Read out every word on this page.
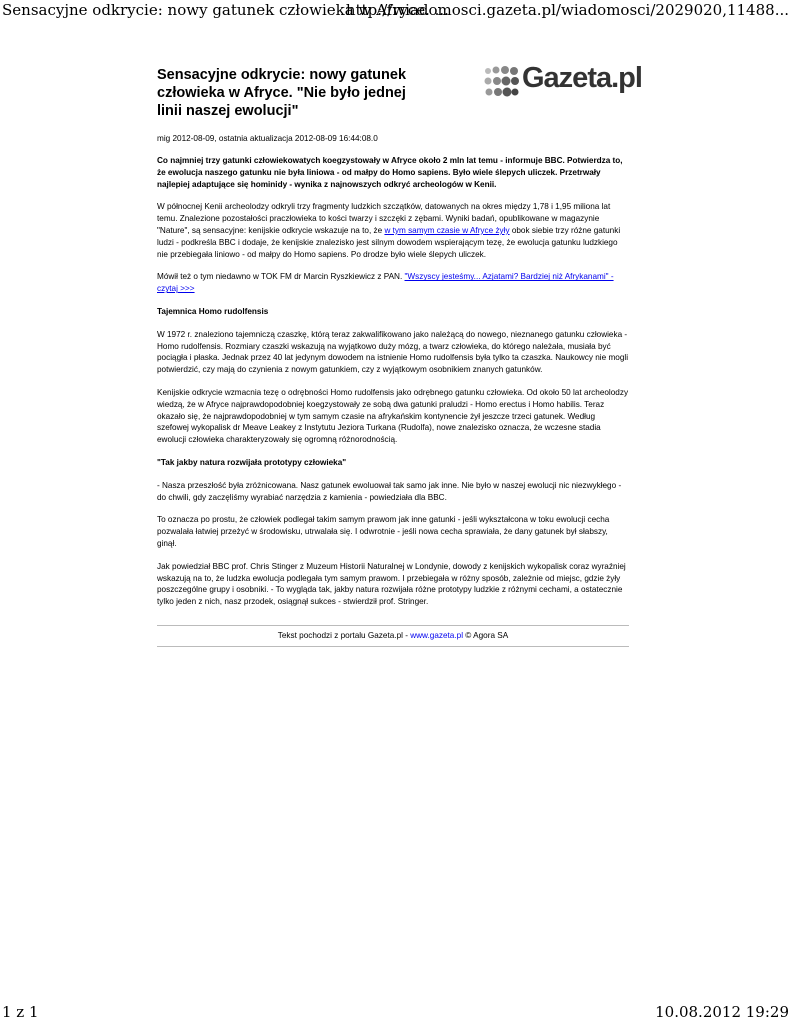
Sensacyjne odkrycie: nowy gatunek człowieka w Afryce. ...
http://wiadomosci.gazeta.pl/wiadomosci/2029020,11488...
Gazeta.pl
Sensacyjne odkrycie: nowy gatunek człowieka w Afryce. "Nie było jednej linii naszej ewolucji"
mig 2012-08-09, ostatnia aktualizacja 2012-08-09 16:44:08.0

Co najmniej trzy gatunki człowiekowatych koegzystowały w Afryce około 2 mln lat temu - informuje BBC. Potwierdza to, że ewolucja naszego gatunku nie była liniowa - od małpy do Homo sapiens. Było wiele ślepych uliczek. Przetrwały najlepiej adaptujące się hominidy - wynika z najnowszych odkryć archeologów w Kenii.

W północnej Kenii archeolodzy odkryli trzy fragmenty ludzkich szczątków, datowanych na okres między 1,78 i 1,95 miliona lat temu. Znalezione pozostałości praczłowieka to kości twarzy i szczęki z zębami. Wyniki badań, opublikowane w magazynie "Nature", są sensacyjne: kenijskie odkrycie wskazuje na to, że w tym samym czasie w Afryce żyły obok siebie trzy różne gatunki ludzi - podkreśla BBC i dodaje, że kenijskie znalezisko jest silnym dowodem wspierającym tezę, że ewolucja gatunku ludzkiego nie przebiegała liniowo - od małpy do Homo sapiens. Po drodze było wiele ślepych uliczek.

Mówił też o tym niedawno w TOK FM dr Marcin Ryszkiewicz z PAN. "Wszyscy jesteśmy... Azjatami? Bardziej niż Afrykanami" - czytaj >>>

Tajemnica Homo rudolfensis

W 1972 r. znaleziono tajemniczą czaszkę, którą teraz zakwalifikowano jako należącą do nowego, nieznanego gatunku człowieka - Homo rudolfensis. Rozmiary czaszki wskazują na wyjątkowo duży mózg, a twarz człowieka, do którego należała, musiała być pociągła i płaska. Jednak przez 40 lat jedynym dowodem na istnienie Homo rudolfensis była tylko ta czaszka. Naukowcy nie mogli potwierdzić, czy mają do czynienia z nowym gatunkiem, czy z wyjątkowym osobnikiem znanych gatunków.

Kenijskie odkrycie wzmacnia tezę o odrębności Homo rudolfensis jako odrębnego gatunku człowieka. Od około 50 lat archeolodzy wiedzą, że w Afryce najprawdopodobniej koegzystowały ze sobą dwa gatunki praludzi - Homo erectus i Homo habilis. Teraz okazało się, że najprawdopodobniej w tym samym czasie na afrykańskim kontynencie żył jeszcze trzeci gatunek. Według szefowej wykopalisk dr Meave Leakey z Instytutu Jeziora Turkana (Rudolfa), nowe znalezisko oznacza, że wczesne stadia ewolucji człowieka charakteryzowały się ogromną różnorodnością.

"Tak jakby natura rozwijała prototypy człowieka"

- Nasza przeszłość była zróżnicowana. Nasz gatunek ewoluował tak samo jak inne. Nie było w naszej ewolucji nic niezwykłego - do chwili, gdy zaczęliśmy wyrabiać narzędzia z kamienia - powiedziała dla BBC.

To oznacza po prostu, że człowiek podlegał takim samym prawom jak inne gatunki - jeśli wykształcona w toku ewolucji cecha pozwalała łatwiej przeżyć w środowisku, utrwalała się. I odwrotnie - jeśli nowa cecha sprawiała, że dany gatunek był słabszy, ginął.

Jak powiedział BBC prof. Chris Stinger z Muzeum Historii Naturalnej w Londynie, dowody z kenijskich wykopalisk coraz wyraźniej wskazują na to, że ludzka ewolucja podlegała tym samym prawom. I przebiegała w różny sposób, zależnie od miejsc, gdzie żyły poszczególne grupy i osobniki. - To wygląda tak, jakby natura rozwijała różne prototypy ludzkie z różnymi cechami, a ostatecznie tylko jeden z nich, nasz przodek, osiągnął sukces - stwierdził prof. Stringer.

Tekst pochodzi z portalu Gazeta.pl - www.gazeta.pl © Agora SA
1 z 1	10.08.2012 19:29
